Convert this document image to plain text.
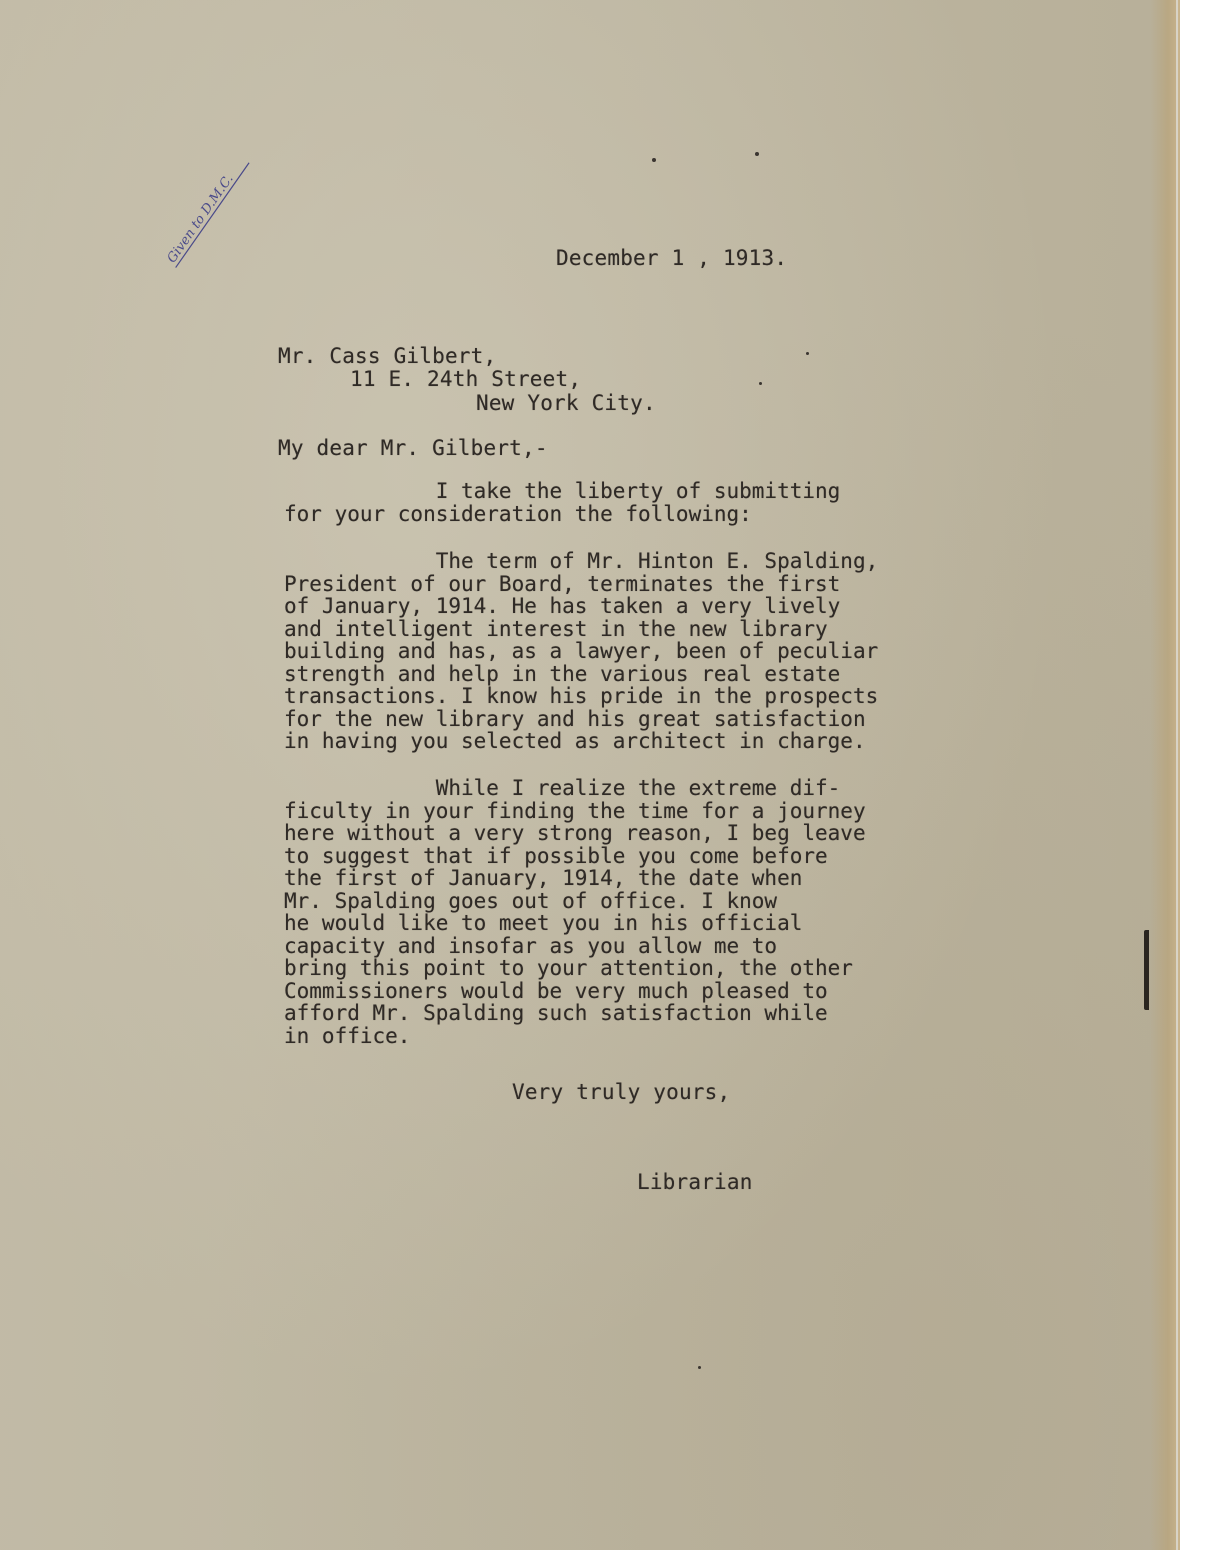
Given to D.M.C.	December 1 , 1913.
Mr. Cass Gilbert,
11 E. 24th Street,
New York City.
My dear Mr. Gilbert,-
I take the liberty of submitting
for your consideration the following:
The term of Mr. Hinton E. Spalding,
President of our Board, terminates the first
of January, 1914. He has taken a very lively
and intelligent interest in the new library
building and has, as a lawyer, been of peculiar
strength and help in the various real estate
transactions. I know his pride in the prospects
for the new library and his great satisfaction
in having you selected as architect in charge.
While I realize the extreme dif-
ficulty in your finding the time for a journey
here without a very strong reason, I beg leave
to suggest that if possible you come before
the first of January, 1914, the date when
Mr. Spalding goes out of office. I know
he would like to meet you in his official
capacity and insofar as you allow me to
bring this point to your attention, the other
Commissioners would be very much pleased to
afford Mr. Spalding such satisfaction while
in office.
Very truly yours,
Librarian
